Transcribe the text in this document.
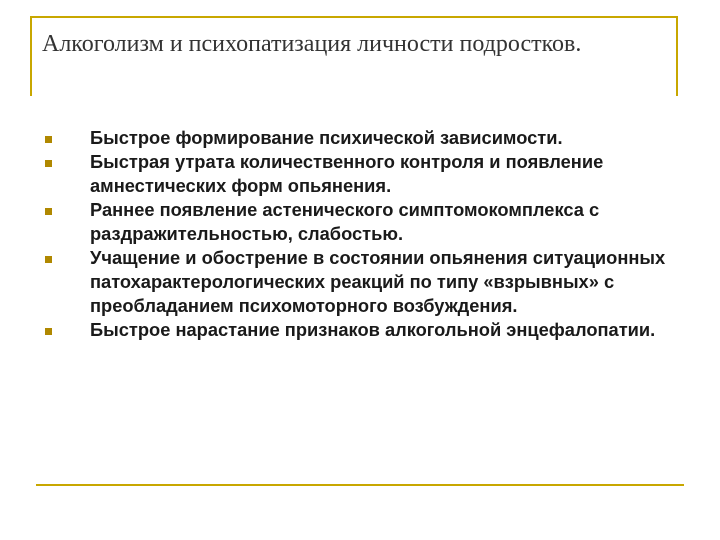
Алкоголизм и психопатизация личности подростков.
Быстрое формирование психической зависимости.
Быстрая утрата количественного контроля и появление амнестических форм опьянения.
Раннее появление астенического симптомокомплекса с раздражительностью, слабостью.
Учащение и обострение в состоянии опьянения ситуационных патохарактерологических реакций по типу «взрывных» с преобладанием психомоторного возбуждения.
Быстрое нарастание признаков алкогольной энцефалопатии.
